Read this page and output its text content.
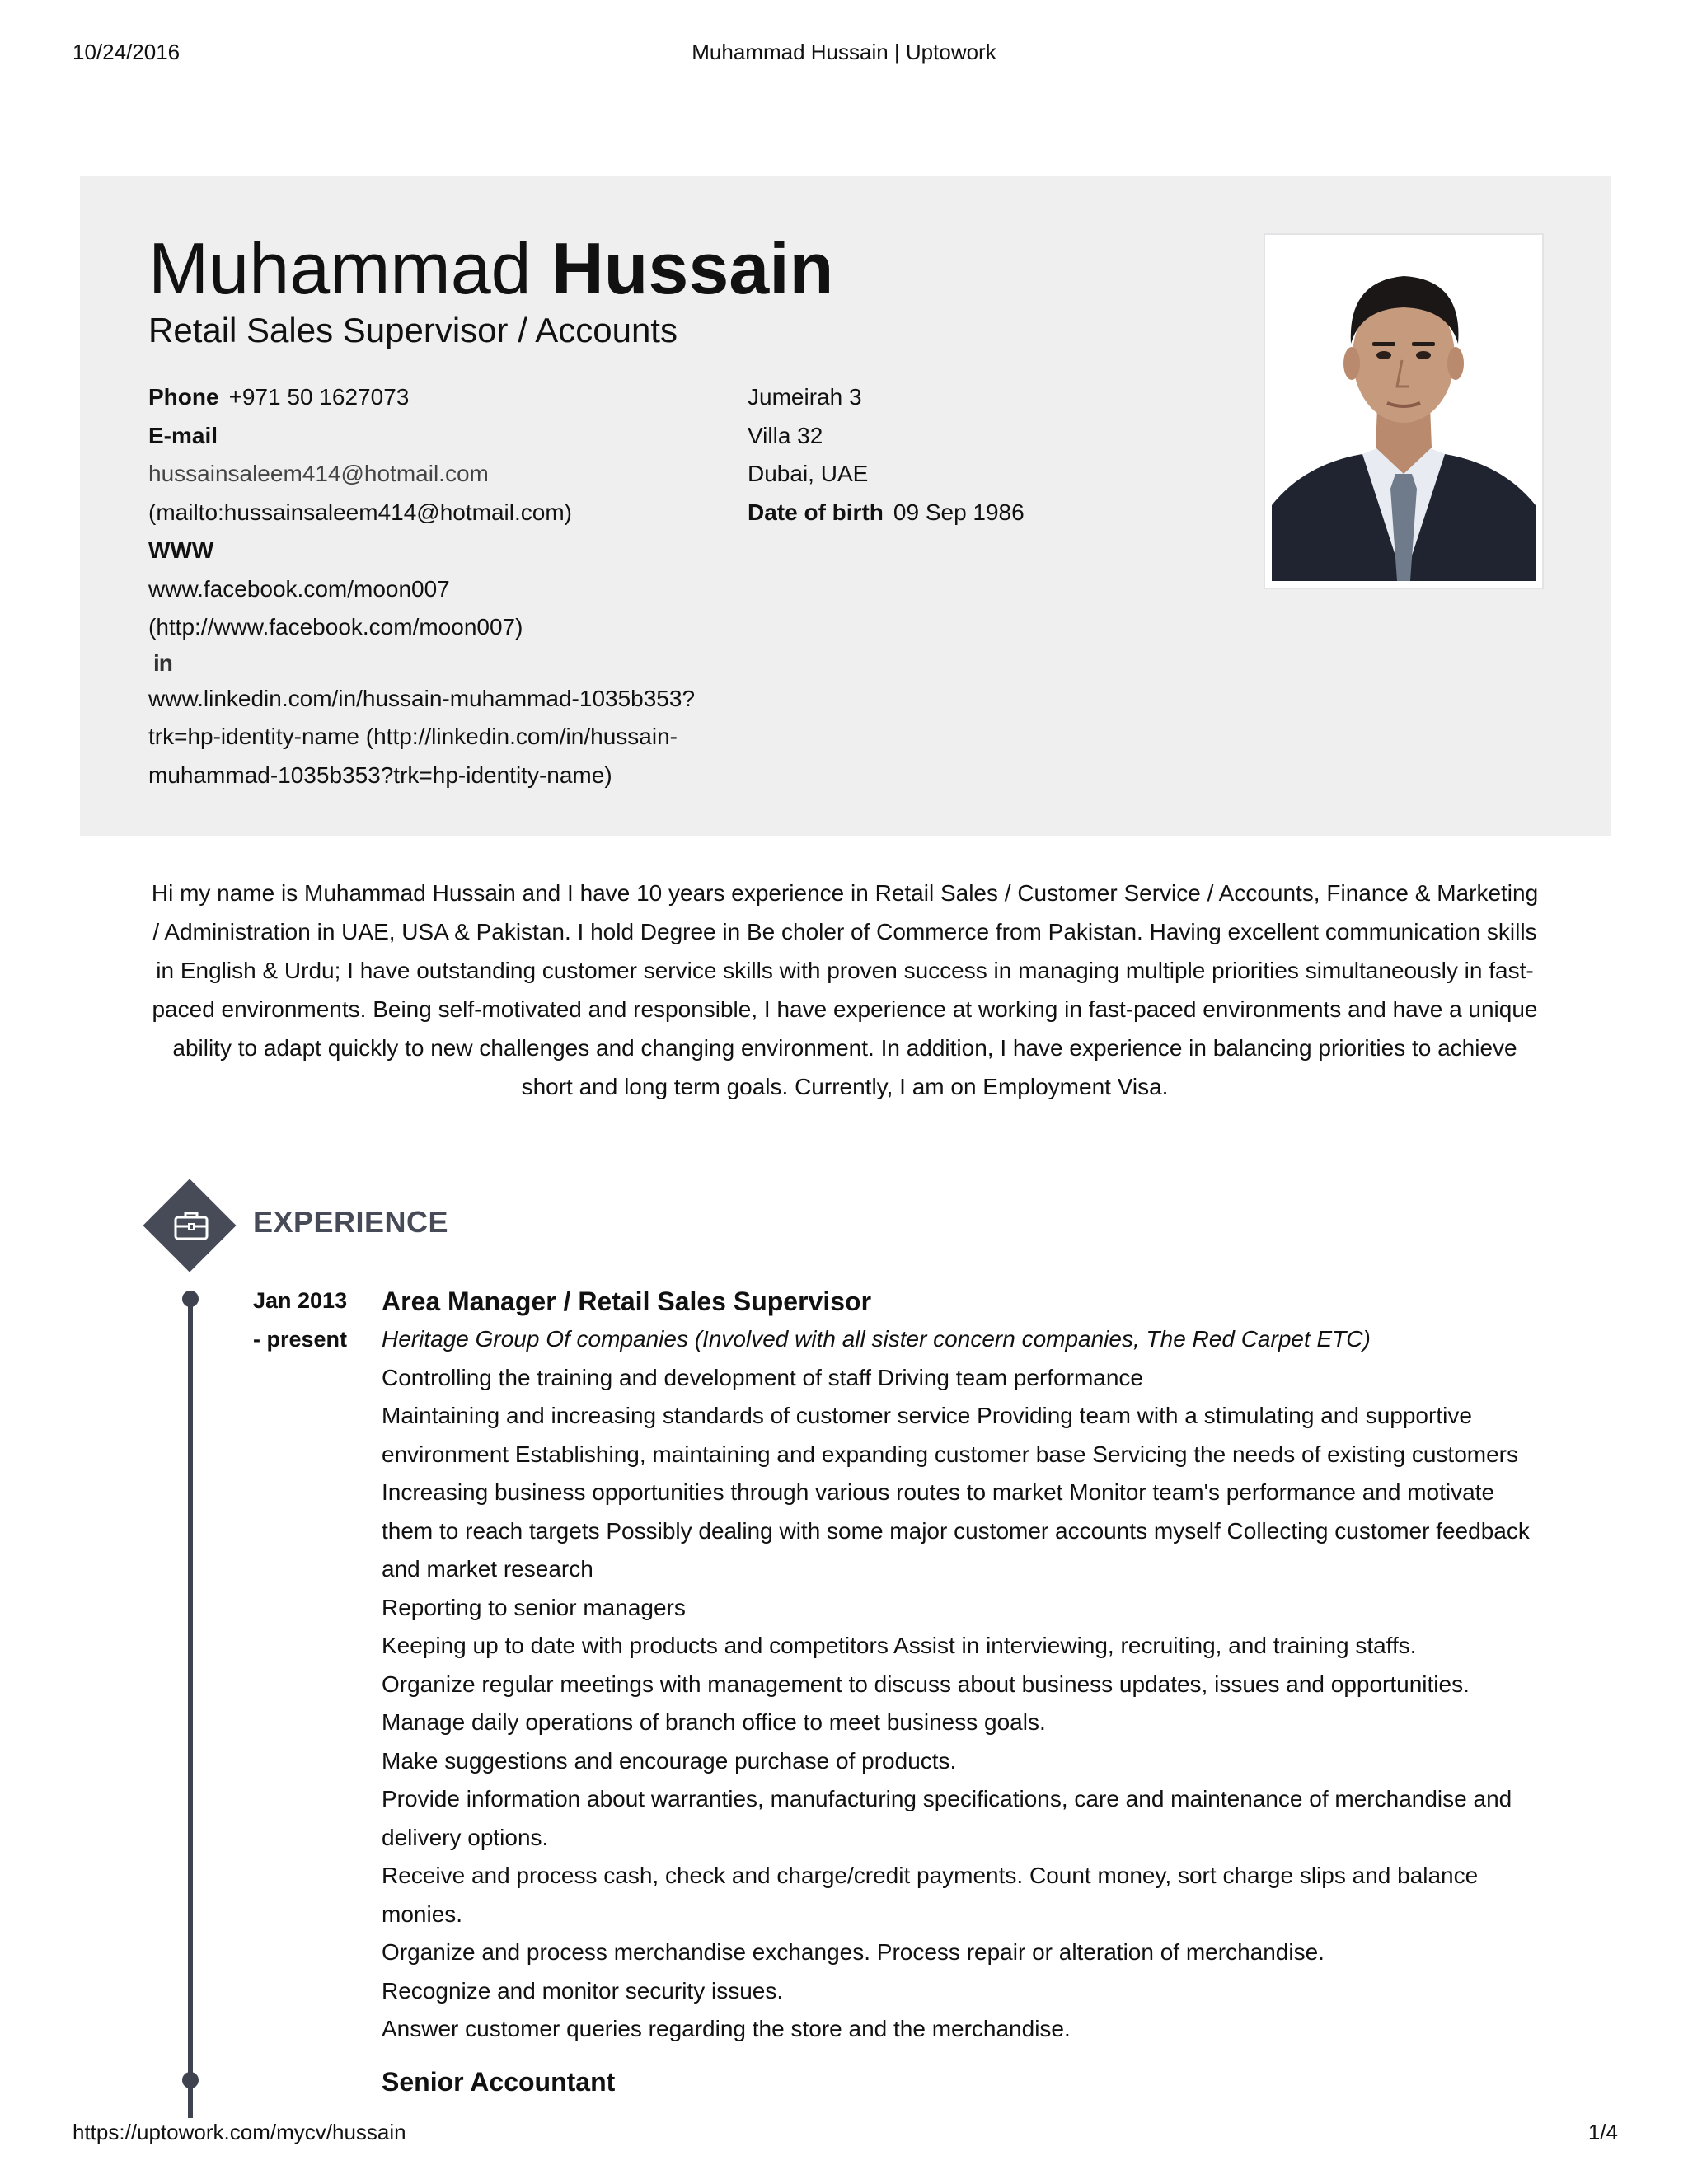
10/24/2016	Muhammad Hussain | Uptowork
https://uptowork.com/mycv/hussain	1/4
Muhammad Hussain
Retail Sales Supervisor / Accounts
Phone +971 50 1627073
E-mail
hussainsaleem414@hotmail.com
(mailto:hussainsaleem414@hotmail.com)
WWW
www.facebook.com/moon007
(http://www.facebook.com/moon007)
in
www.linkedin.com/in/hussain-muhammad-1035b353?
trk=hp-identity-name (http://linkedin.com/in/hussain-
muhammad-1035b353?trk=hp-identity-name)
Jumeirah 3
Villa 32
Dubai, UAE
Date of birth 09 Sep 1986
Hi my name is Muhammad Hussain and I have 10 years experience in Retail Sales / Customer Service / Accounts, Finance & Marketing / Administration in UAE, USA & Pakistan. I hold Degree in Be choler of Commerce from Pakistan. Having excellent communication skills in English & Urdu; I have outstanding customer service skills with proven success in managing multiple priorities simultaneously in fast-paced environments. Being self-motivated and responsible, I have experience at working in fast-paced environments and have a unique ability to adapt quickly to new challenges and changing environment. In addition, I have experience in balancing priorities to achieve short and long term goals. Currently, I am on Employment Visa.
EXPERIENCE
Jan 2013
- present
Area Manager / Retail Sales Supervisor
Heritage Group Of companies (Involved with all sister concern companies, The Red Carpet ETC)
Controlling the training and development of staff Driving team performance
Maintaining and increasing standards of customer service Providing team with a stimulating and supportive environment Establishing, maintaining and expanding customer base Servicing the needs of existing customers Increasing business opportunities through various routes to market Monitor team's performance and motivate them to reach targets Possibly dealing with some major customer accounts myself Collecting customer feedback and market research
Reporting to senior managers
Keeping up to date with products and competitors Assist in interviewing, recruiting, and training staffs.
Organize regular meetings with management to discuss about business updates, issues and opportunities.
Manage daily operations of branch office to meet business goals.
Make suggestions and encourage purchase of products.
Provide information about warranties, manufacturing specifications, care and maintenance of merchandise and delivery options.
Receive and process cash, check and charge/credit payments. Count money, sort charge slips and balance monies.
Organize and process merchandise exchanges. Process repair or alteration of merchandise.
Recognize and monitor security issues.
Answer customer queries regarding the store and the merchandise.
Senior Accountant
